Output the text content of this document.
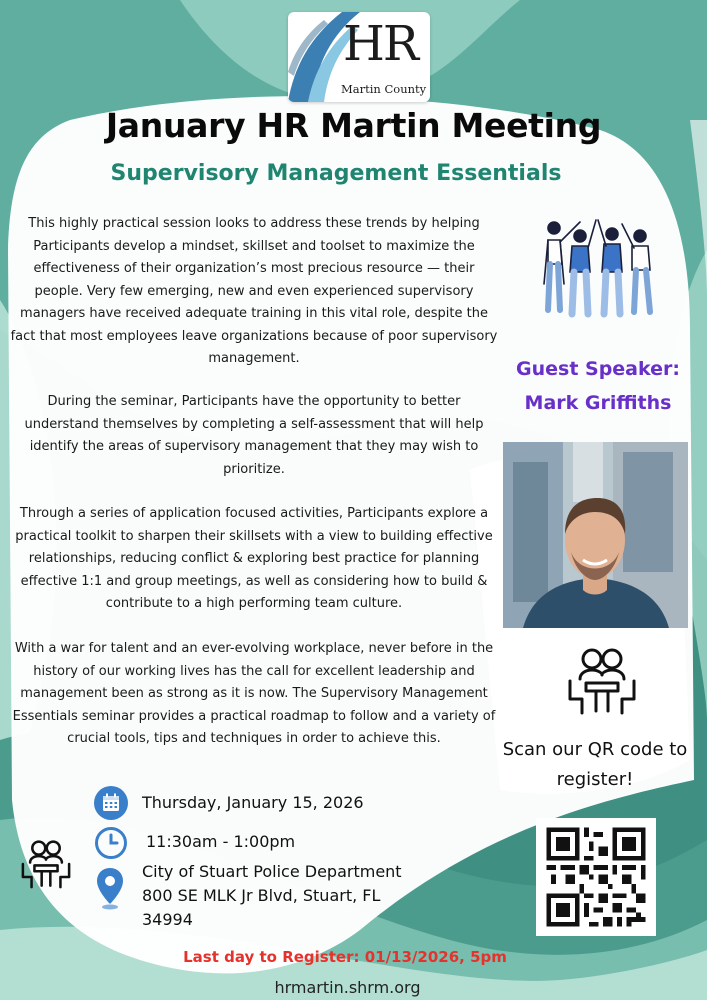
HR
Martin County
January HR Martin Meeting
Supervisory Management Essentials

This highly practical session looks to address these trends by helping Participants develop a mindset, skillset and toolset to maximize the effectiveness of their organization’s most precious resource — their people. Very few emerging, new and even experienced supervisory managers have received adequate training in this vital role, despite the fact that most employees leave organizations because of poor supervisory management.

During the seminar, Participants have the opportunity to better understand themselves by completing a self-assessment that will help identify the areas of supervisory management that they may wish to prioritize.

Through a series of application focused activities, Participants explore a practical toolkit to sharpen their skillsets with a view to building effective relationships, reducing conflict & exploring best practice for planning effective 1:1 and group meetings, as well as considering how to build & contribute to a high performing team culture.

With a war for talent and an ever-evolving workplace, never before in the history of our working lives has the call for excellent leadership and management been as strong as it is now. The Supervisory Management Essentials seminar provides a practical roadmap to follow and a variety of crucial tools, tips and techniques in order to achieve this.

Guest Speaker:
Mark Griffiths
Scan our QR code to register!
Thursday, January 15, 2026
11:30am - 1:00pm
City of Stuart Police Department
800 SE MLK Jr Blvd, Stuart, FL
34994
Last day to Register: 01/13/2026, 5pm
hrmartin.shrm.org
